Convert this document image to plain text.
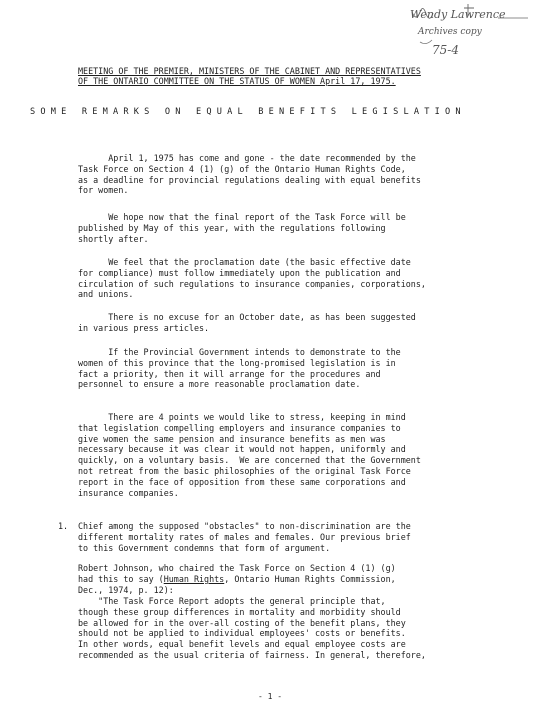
Wendy Lawrence
Archives copy
75-4
MEETING OF THE PREMIER, MINISTERS OF THE CABINET AND REPRESENTATIVES
OF THE ONTARIO COMMITTEE ON THE STATUS OF WOMEN April 17, 1975.
SOME REMARKS ON EQUAL BENEFITS LEGISLATION
April 1, 1975 has come and gone - the date recommended by the
Task Force on Section 4 (1) (g) of the Ontario Human Rights Code,
as a deadline for provincial regulations dealing with equal benefits
for women.
We hope now that the final report of the Task Force will be
published by May of this year, with the regulations following
shortly after.
We feel that the proclamation date (the basic effective date
for compliance) must follow immediately upon the publication and
circulation of such regulations to insurance companies, corporations,
and unions.
There is no excuse for an October date, as has been suggested
in various press articles.
If the Provincial Government intends to demonstrate to the
women of this province that the long-promised legislation is in
fact a priority, then it will arrange for the procedures and
personnel to ensure a more reasonable proclamation date.
There are 4 points we would like to stress, keeping in mind
that legislation compelling employers and insurance companies to
give women the same pension and insurance benefits as men was
necessary because it was clear it would not happen, uniformly and
quickly, on a voluntary basis.  We are concerned that the Government
not retreat from the basic philosophies of the original Task Force
report in the face of opposition from these same corporations and
insurance companies.
1. Chief among the supposed "obstacles" to non-discrimination are the
different mortality rates of males and females. Our previous brief
to this Government condemns that form of argument.
Robert Johnson, who chaired the Task Force on Section 4 (1) (g)
had this to say (Human Rights, Ontario Human Rights Commission,
Dec., 1974, p. 12):
"The Task Force Report adopts the general principle that,
though these group differences in mortality and morbidity should
be allowed for in the over-all costing of the benefit plans, they
should not be applied to individual employees' costs or benefits.
In other words, equal benefit levels and equal employee costs are
recommended as the usual criteria of fairness. In general, therefore,
- 1 -
